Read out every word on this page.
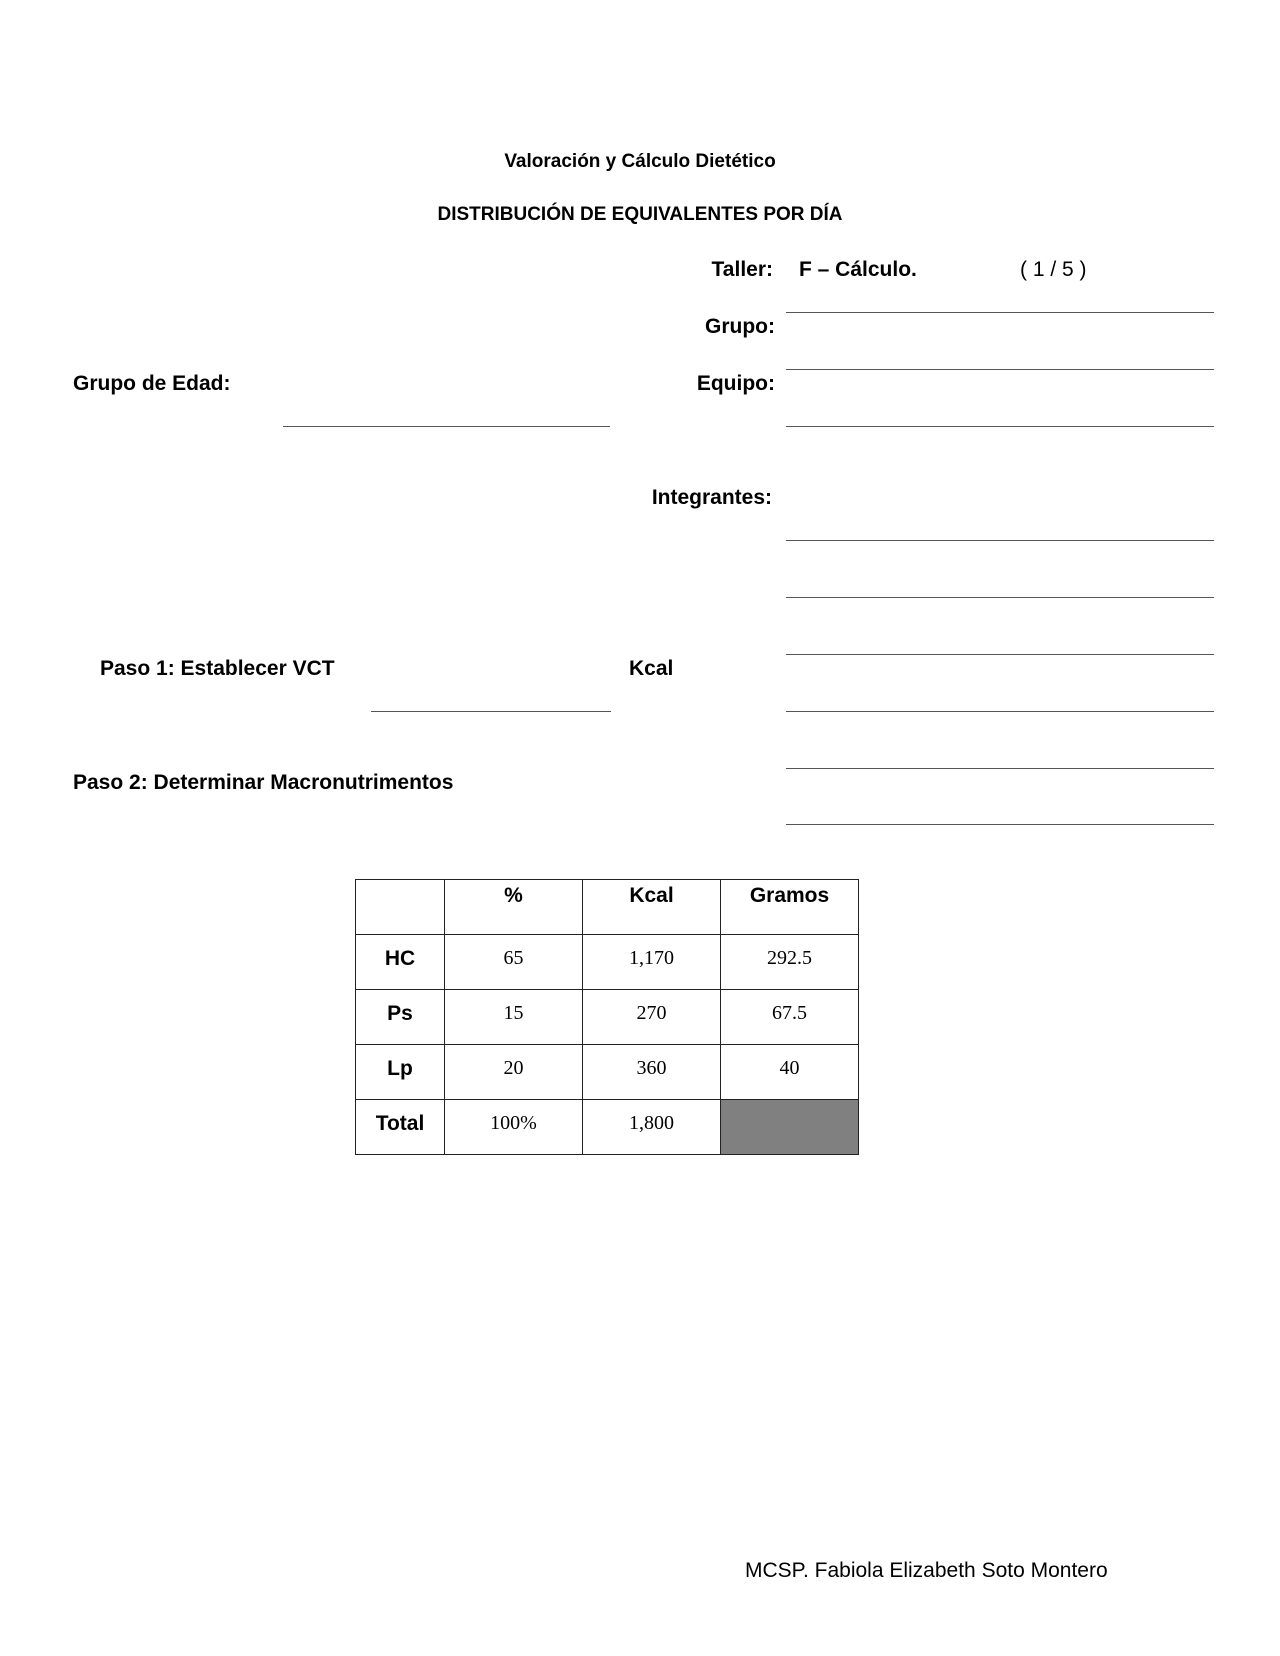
Valoración y Cálculo Dietético
DISTRIBUCIÓN DE EQUIVALENTES POR DÍA
Taller: F – Cálculo.	( 1 / 5 )
Grupo:
Grupo de Edad:	Equipo:
Integrantes:
Paso 1: Establecer VCT	Kcal
Paso 2: Determinar Macronutrimentos
	%	Kcal	Gramos
HC	65	1,170	292.5
Ps	15	270	67.5
Lp	20	360	40
Total	100%	1,800	
MCSP. Fabiola Elizabeth Soto Montero
